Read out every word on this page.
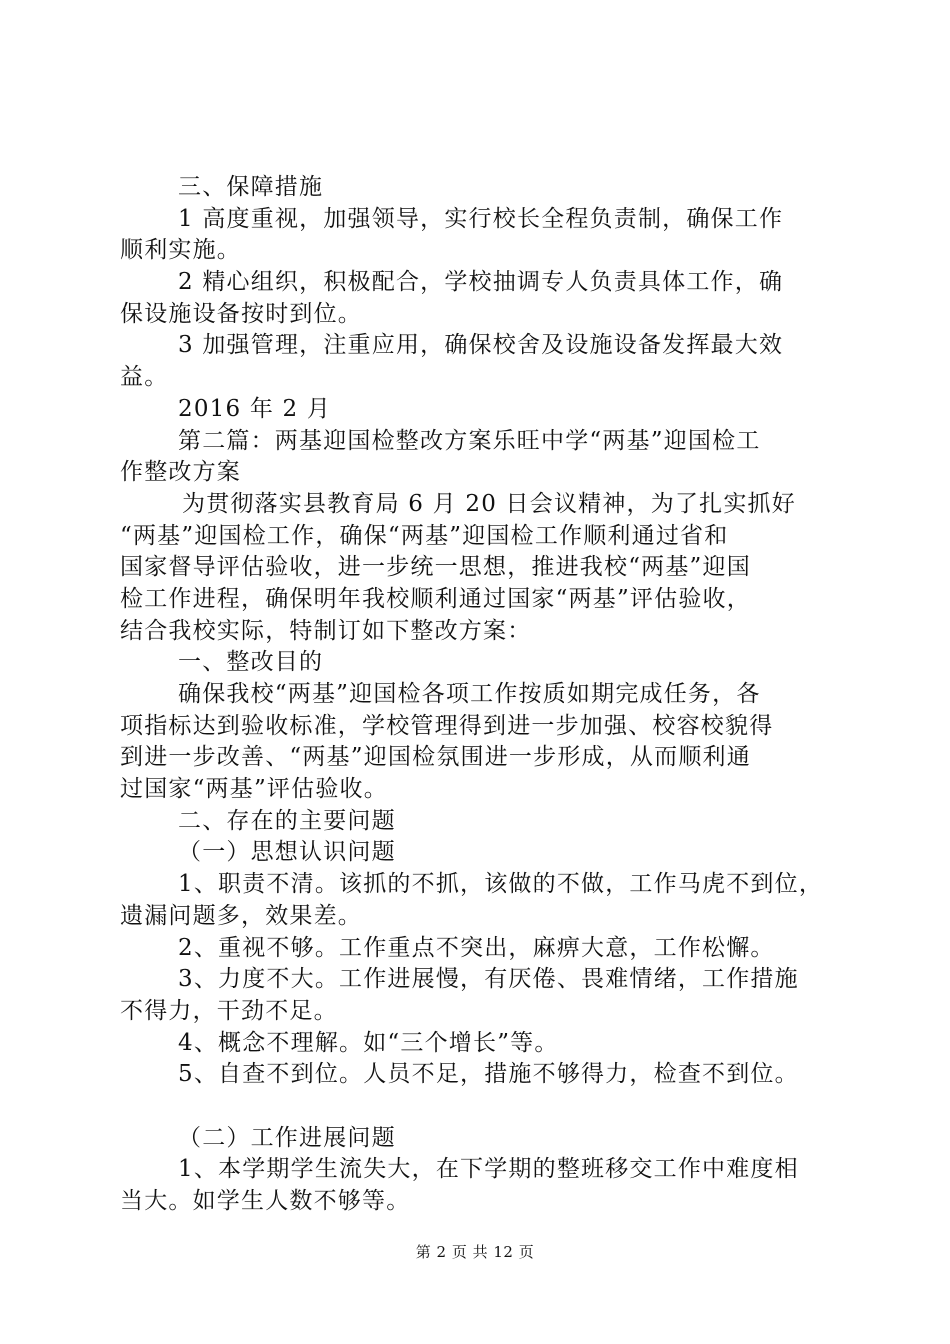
三、保障措施
1 高度重视，加强领导，实行校长全程负责制，确保工作
顺利实施。
2 精心组织，积极配合，学校抽调专人负责具体工作，确
保设施设备按时到位。
3 加强管理，注重应用，确保校舍及设施设备发挥最大效
益。
2016 年 2 月
第二篇：两基迎国检整改方案乐旺中学“两基”迎国检工
作整改方案
为贯彻落实县教育局 6 月 20 日会议精神，为了扎实抓好
“两基”迎国检工作，确保“两基”迎国检工作顺利通过省和
国家督导评估验收，进一步统一思想，推进我校“两基”迎国
检工作进程，确保明年我校顺利通过国家“两基”评估验收，
结合我校实际，特制订如下整改方案：
一、整改目的
确保我校“两基”迎国检各项工作按质如期完成任务，各
项指标达到验收标准，学校管理得到进一步加强、校容校貌得
到进一步改善、“两基”迎国检氛围进一步形成，从而顺利通
过国家“两基”评估验收。
二、存在的主要问题
（一）思想认识问题
1、职责不清。该抓的不抓，该做的不做，工作马虎不到位，
遗漏问题多，效果差。
2、重视不够。工作重点不突出，麻痹大意，工作松懈。
3、力度不大。工作进展慢，有厌倦、畏难情绪，工作措施
不得力，干劲不足。
4、概念不理解。如“三个增长”等。
5、自查不到位。人员不足，措施不够得力，检查不到位。
（二）工作进展问题
1、本学期学生流失大，在下学期的整班移交工作中难度相
当大。如学生人数不够等。
第 2 页 共 12 页
